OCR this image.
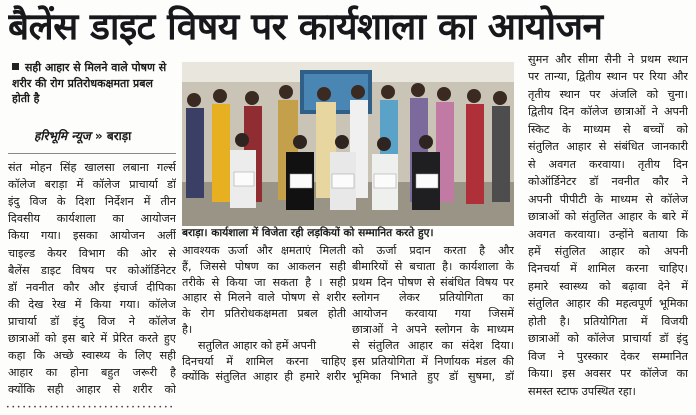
बैलेंस डाइट विषय पर कार्यशाला का आयोजन
सही आहार से मिलने वाले पोषण से शरीर की रोग प्रतिरोधकक्षमता प्रबल होती है
हरिभूमि न्यूज » बराड़ा
बराड़ा। कार्यशाला में विजेता रही लड़कियों को सम्मानित करते हुए।
संत मोहन सिंह खालसा लबाना गर्ल्स
कॉलेज बराड़ा में कॉलेज प्राचार्या डॉ
इंदु विज के दिशा निर्देशन में तीन
दिवसीय कार्यशाला का आयोजन
किया गया। इसका आयोजन अर्ली
चाइल्ड केयर विभाग की ओर से
बैलेंस डाइट विषय पर कोऑर्डिनेटर
डॉ नवनीत कौर और इंचार्ज दीपिका
की देख रेख में किया गया। कॉलेज
प्राचार्या डॉ इंदु विज ने कॉलेज
छात्राओं को इस बारे में प्रेरित करते हुए
कहा कि अच्छे स्वास्थ्य के लिए सही
आहार का होना बहुत जरूरी है
क्योंकि सही आहार से शरीर को
आवश्यक ऊर्जा और क्षमताएं मिलती
हैं, जिससे पोषण का आकलन सही
तरीके से किया जा सकता है । सही
आहार से मिलने वाले पोषण से शरीर
के रोग प्रतिरोधकक्षमता प्रबल होती
है।
सतुलित आहार को हमें अपनी
दिनचर्या में शामिल करना चाहिए
क्योंकि संतुलित आहार ही हमारे शरीर
को ऊर्जा प्रदान करता है और
बीमारियों से बचाता है। कार्यशाला के
प्रथम दिन पोषण से संबंधित विषय पर
स्लोगन लेकर प्रतियोगिता का
आयोजन करवाया गया जिसमें
छात्राओं ने अपने स्लोगन के माध्यम
से संतुलित आहार का संदेश दिया।
इस प्रतियोगिता में निर्णायक मंडल की
भूमिका निभाते हुए डॉ सुषमा, डॉ
सुमन और सीमा सैनी ने प्रथम स्थान
पर तान्या, द्वितीय स्थान पर रिया और
तृतीय स्थान पर अंजलि को चुना।
द्वितीय दिन कॉलेज छात्राओं ने अपनी
स्किट के माध्यम से बच्चों को
संतुलित आहार से संबंधित जानकारी
से अवगत करवाया। तृतीय दिन
कोऑर्डिनेटर डॉ नवनीत कौर ने
अपनी पीपीटी के माध्यम से कॉलेज
छात्राओं को संतुलित आहार के बारे में
अवगत करवाया। उन्होंने बताया कि
हमें संतुलित आहार को अपनी
दिनचर्या में शामिल करना चाहिए।
हमारे स्वास्थ्य को बढ़ावा देने में
संतुलित आहार की महत्वपूर्ण भूमिका
होती है। प्रतियोगिता में विजयी
छात्राओं को कॉलेज प्राचार्या डॉ इंदु
विज ने पुरस्कार देकर सम्मानित
किया। इस अवसर पर कॉलेज का
समस्त स्टाफ उपस्थित रहा।
• • • • • • • • • • • • • • • • • • • • • • • • • • • • • • •
